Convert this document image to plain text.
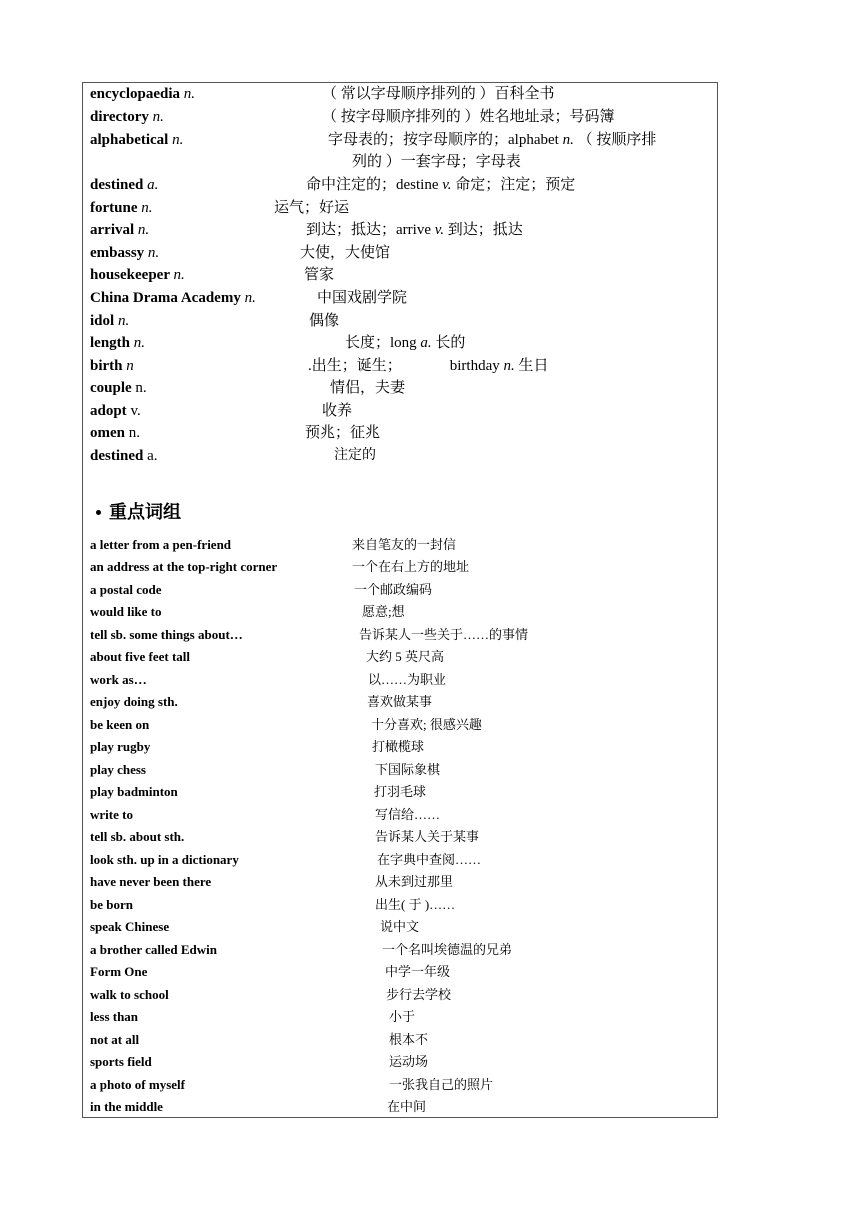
encyclopaedia n.	（ 常以字母顺序排列的 ）百科全书
directory n.	（ 按字母顺序排列的 ）姓名地址录；号码簿
alphabetical n.	字母表的；按字母顺序的；alphabet n. （ 按顺序排
列的 ）一套字母；字母表
destined a.	命中注定的；destine v. 命定；注定；预定
fortune n.	运气；好运
arrival n.	到达；抵达；arrive v. 到达；抵达
embassy n.	大使，大使馆
housekeeper n.	管家
China Drama Academy n.	中国戏剧学院
idol n.	偶像
length n.	长度；long a. 长的
birth n	.出生；诞生；	birthday n. 生日
couple n.	情侣，夫妻
adopt v.	收养
omen n.	预兆；征兆
destined a.	注定的
重点词组
a letter from a pen-friend	来自笔友的一封信
an address at the top-right corner	一个在右上方的地址
a postal code	一个邮政编码
would like to	愿意;想
tell sb. some things about…	告诉某人一些关于……的事情
about five feet tall	大约 5 英尺高
work as…	以……为职业
enjoy doing sth.	喜欢做某事
be keen on	十分喜欢; 很感兴趣
play rugby	打橄榄球
play chess	下国际象棋
play badminton	打羽毛球
write to	写信给……
tell sb. about sth.	告诉某人关于某事
look sth. up in a dictionary	在字典中查阅……
have never been there	从未到过那里
be born	出生( 于 )……
speak Chinese	说中文
a brother called Edwin	一个名叫埃德温的兄弟
Form One	中学一年级
walk to school	步行去学校
less than	小于
not at all	根本不
sports field	运动场
a photo of myself	一张我自己的照片
in the middle	在中间
